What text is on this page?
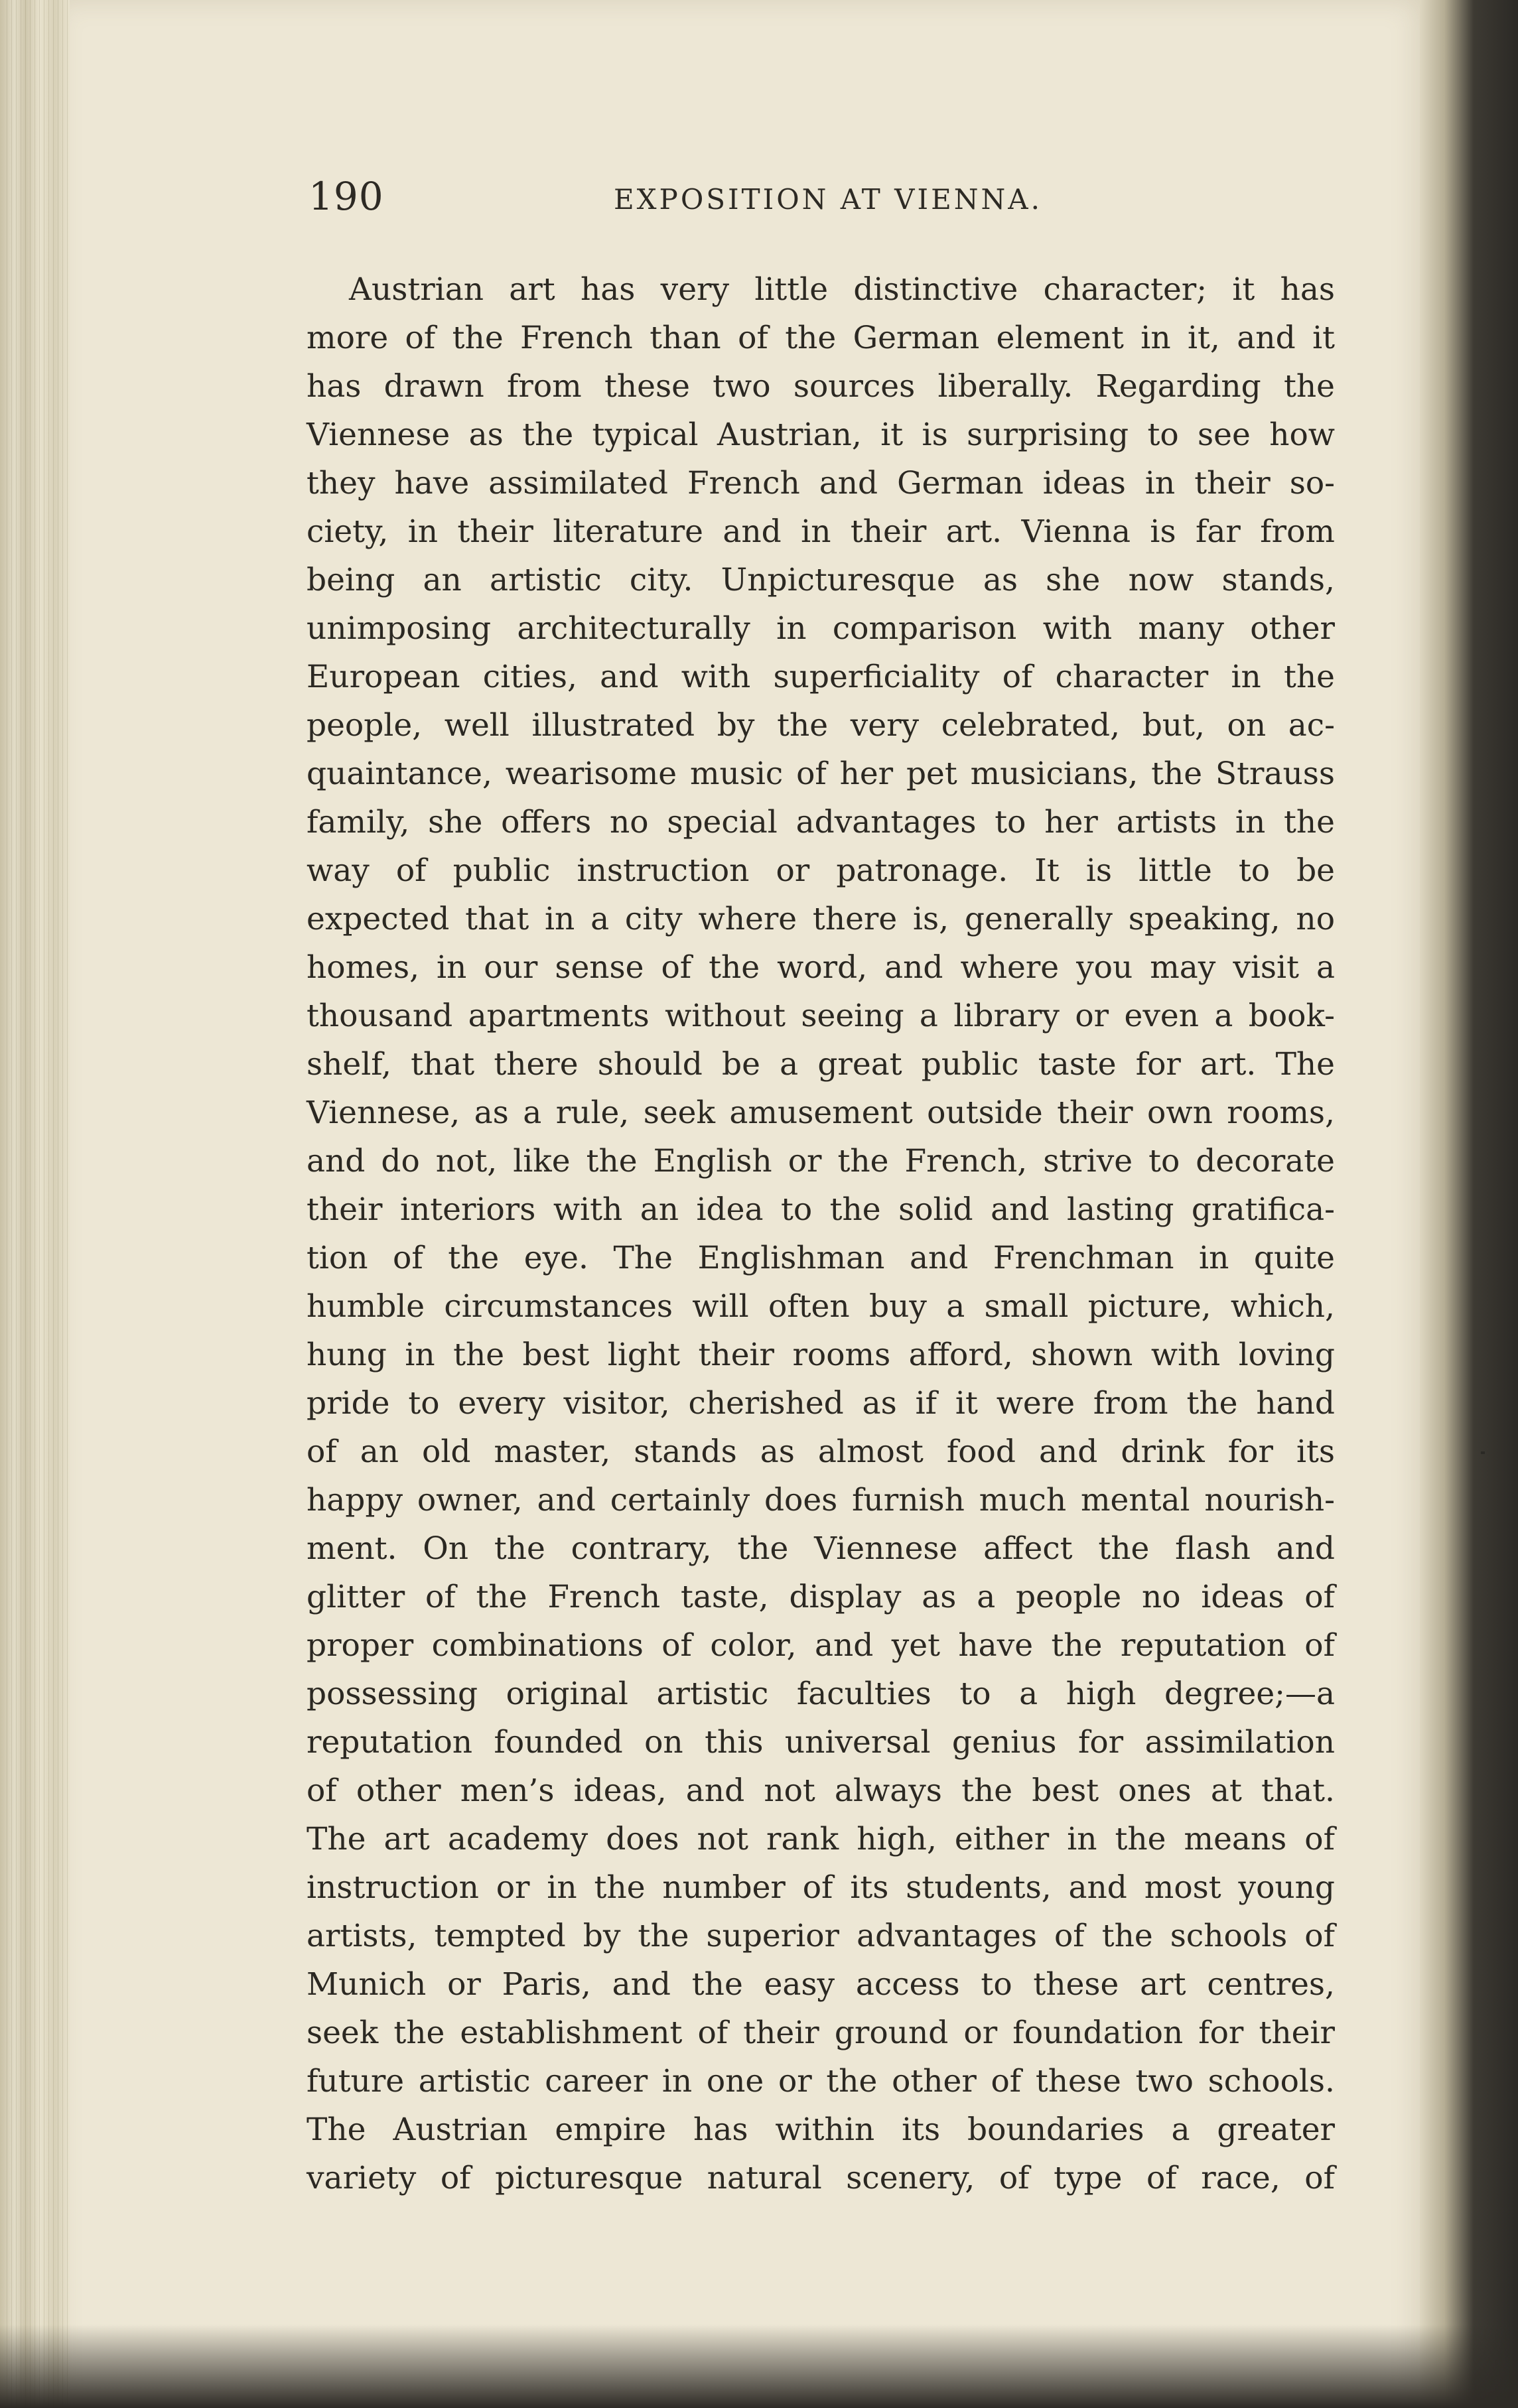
190	EXPOSITION AT VIENNA.
Austrian art has very little distinctive character; it has
more of the French than of the German element in it, and it
has drawn from these two sources liberally. Regarding the
Viennese as the typical Austrian, it is surprising to see how
they have assimilated French and German ideas in their so-
ciety, in their literature and in their art. Vienna is far from
being an artistic city. Unpicturesque as she now stands,
unimposing architecturally in comparison with many other
European cities, and with superficiality of character in the
people, well illustrated by the very celebrated, but, on ac-
quaintance, wearisome music of her pet musicians, the Strauss
family, she offers no special advantages to her artists in the
way of public instruction or patronage. It is little to be
expected that in a city where there is, generally speaking, no
homes, in our sense of the word, and where you may visit a
thousand apartments without seeing a library or even a book-
shelf, that there should be a great public taste for art. The
Viennese, as a rule, seek amusement outside their own rooms,
and do not, like the English or the French, strive to decorate
their interiors with an idea to the solid and lasting gratifica-
tion of the eye. The Englishman and Frenchman in quite
humble circumstances will often buy a small picture, which,
hung in the best light their rooms afford, shown with loving
pride to every visitor, cherished as if it were from the hand
of an old master, stands as almost food and drink for its
happy owner, and certainly does furnish much mental nourish-
ment. On the contrary, the Viennese affect the flash and
glitter of the French taste, display as a people no ideas of
proper combinations of color, and yet have the reputation of
possessing original artistic faculties to a high degree;—a
reputation founded on this universal genius for assimilation
of other men’s ideas, and not always the best ones at that.
The art academy does not rank high, either in the means of
instruction or in the number of its students, and most young
artists, tempted by the superior advantages of the schools of
Munich or Paris, and the easy access to these art centres,
seek the establishment of their ground or foundation for their
future artistic career in one or the other of these two schools.
The Austrian empire has within its boundaries a greater
variety of picturesque natural scenery, of type of race, of
